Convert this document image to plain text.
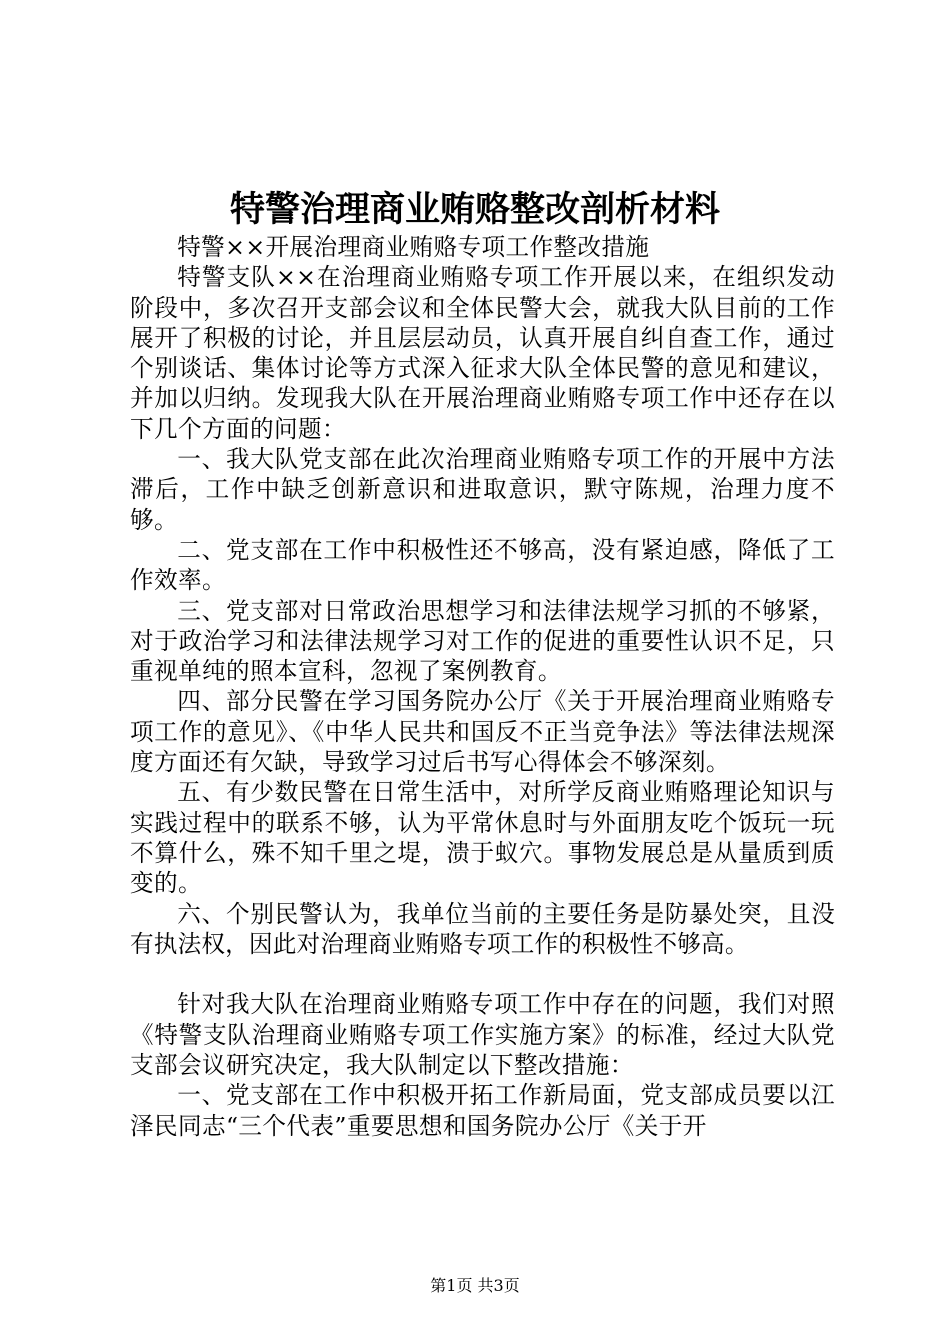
特警治理商业贿赂整改剖析材料

特警××开展治理商业贿赂专项工作整改措施

特警支队××在治理商业贿赂专项工作开展以来，在组织发动阶段中，多次召开支部会议和全体民警大会，就我大队目前的工作展开了积极的讨论，并且层层动员，认真开展自纠自查工作，通过个别谈话、集体讨论等方式深入征求大队全体民警的意见和建议，并加以归纳。发现我大队在开展治理商业贿赂专项工作中还存在以下几个方面的问题：

一、我大队党支部在此次治理商业贿赂专项工作的开展中方法滞后，工作中缺乏创新意识和进取意识，默守陈规，治理力度不够。

二、党支部在工作中积极性还不够高，没有紧迫感，降低了工作效率。

三、党支部对日常政治思想学习和法律法规学习抓的不够紧，对于政治学习和法律法规学习对工作的促进的重要性认识不足，只重视单纯的照本宣科，忽视了案例教育。

四、部分民警在学习国务院办公厅《关于开展治理商业贿赂专项工作的意见》、《中华人民共和国反不正当竞争法》等法律法规深度方面还有欠缺，导致学习过后书写心得体会不够深刻。

五、有少数民警在日常生活中，对所学反商业贿赂理论知识与实践过程中的联系不够，认为平常休息时与外面朋友吃个饭玩一玩不算什么，殊不知千里之堤，溃于蚁穴。事物发展总是从量质到质变的。

六、个别民警认为，我单位当前的主要任务是防暴处突，且没有执法权，因此对治理商业贿赂专项工作的积极性不够高。

针对我大队在治理商业贿赂专项工作中存在的问题，我们对照《特警支队治理商业贿赂专项工作实施方案》的标准，经过大队党支部会议研究决定，我大队制定以下整改措施：

一、党支部在工作中积极开拓工作新局面，党支部成员要以江泽民同志“三个代表”重要思想和国务院办公厅《关于开

第1页 共3页
